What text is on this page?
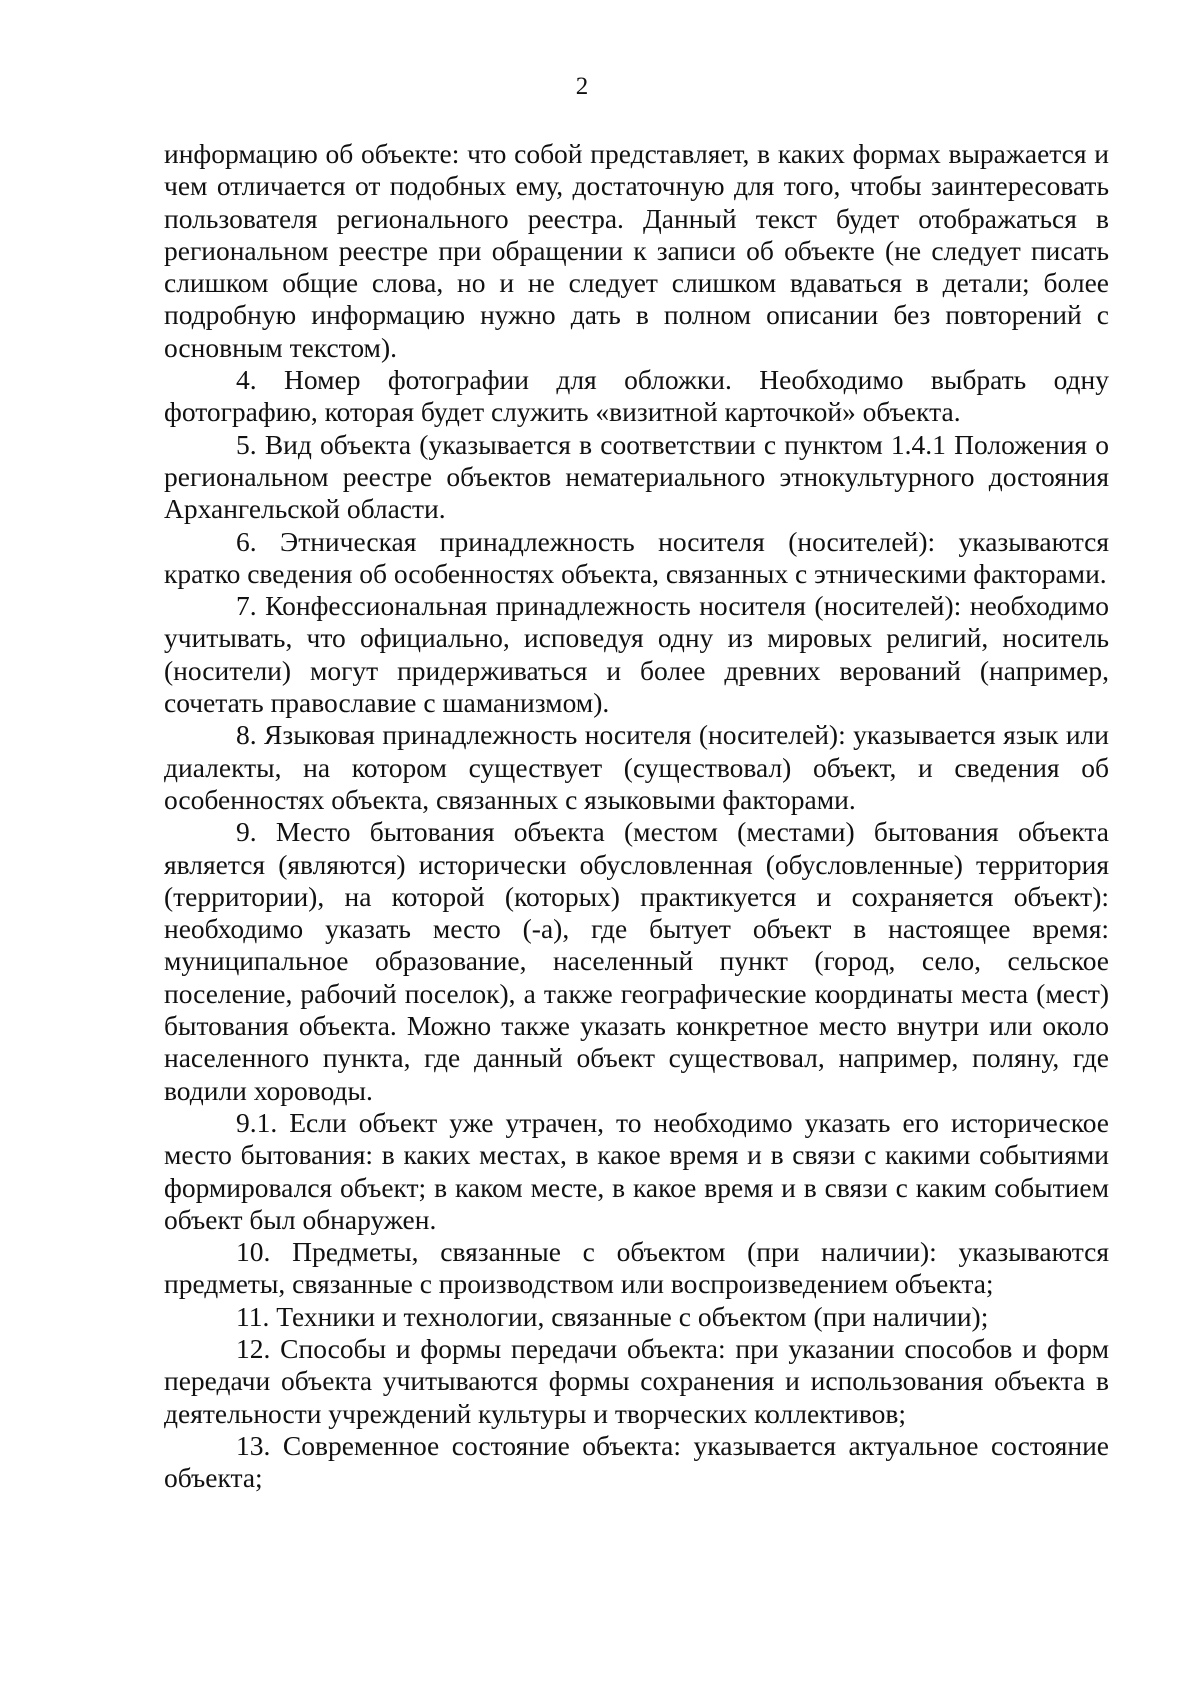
2

информацию об объекте: что собой представляет, в каких формах выражается и чем отличается от подобных ему, достаточную для того, чтобы заинтересовать пользователя регионального реестра. Данный текст будет отображаться в региональном реестре при обращении к записи об объекте (не следует писать слишком общие слова, но и не следует слишком вдаваться в детали; более подробную информацию нужно дать в полном описании без повторений с основным текстом).

4. Номер фотографии для обложки. Необходимо выбрать одну фотографию, которая будет служить «визитной карточкой» объекта.

5. Вид объекта (указывается в соответствии с пунктом 1.4.1 Положения о региональном реестре объектов нематериального этнокультурного достояния Архангельской области.

6. Этническая принадлежность носителя (носителей): указываются кратко сведения об особенностях объекта, связанных с этническими факторами.

7. Конфессиональная принадлежность носителя (носителей): необходимо учитывать, что официально, исповедуя одну из мировых религий, носитель (носители) могут придерживаться и более древних верований (например, сочетать православие с шаманизмом).

8. Языковая принадлежность носителя (носителей): указывается язык или диалекты, на котором существует (существовал) объект, и сведения об особенностях объекта, связанных с языковыми факторами.

9. Место бытования объекта (местом (местами) бытования объекта является (являются) исторически обусловленная (обусловленные) территория (территории), на которой (которых) практикуется и сохраняется объект): необходимо указать место (-а), где бытует объект в настоящее время: муниципальное образование, населенный пункт (город, село, сельское поселение, рабочий поселок), а также географические координаты места (мест) бытования объекта. Можно также указать конкретное место внутри или около населенного пункта, где данный объект существовал, например, поляну, где водили хороводы.

9.1. Если объект уже утрачен, то необходимо указать его историческое место бытования: в каких местах, в какое время и в связи с какими событиями формировался объект; в каком месте, в какое время и в связи с каким событием объект был обнаружен.

10. Предметы, связанные с объектом (при наличии): указываются предметы, связанные с производством или воспроизведением объекта;

11. Техники и технологии, связанные с объектом (при наличии);

12. Способы и формы передачи объекта: при указании способов и форм передачи объекта учитываются формы сохранения и использования объекта в деятельности учреждений культуры и творческих коллективов;

13. Современное состояние объекта: указывается актуальное состояние объекта;
